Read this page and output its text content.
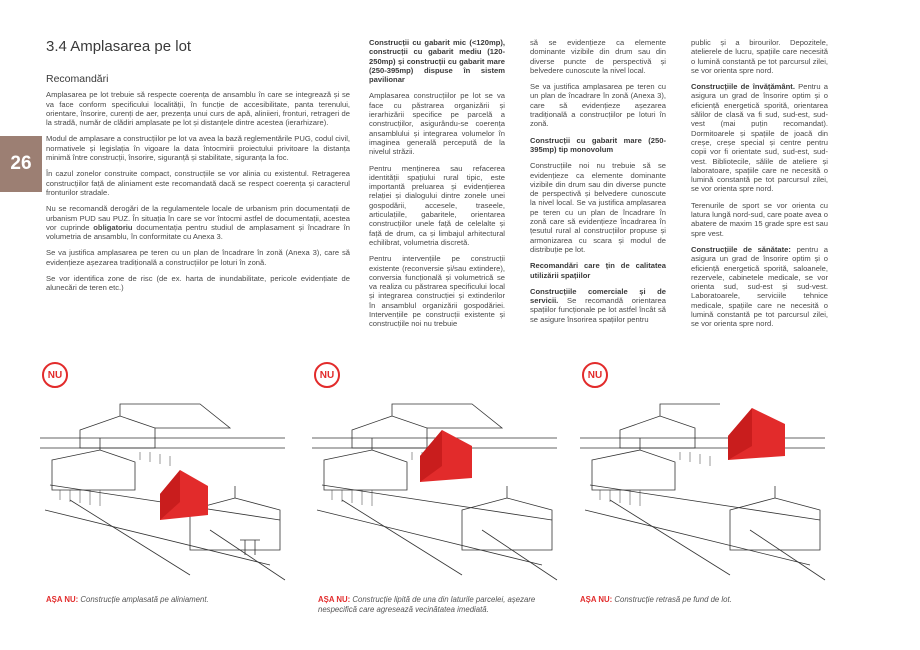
26
3.4 Amplasarea pe lot
Recomandări

Amplasarea pe lot trebuie să respecte coerența de ansamblu în care se integrează și se va face conform specificului localității, în funcție de accesibilitate, panta terenului, orientare, însorire, curenți de aer, prezența unui curs de apă, aliniieri, fronturi, retrageri de la stradă, număr de clădiri amplasate pe lot și distanțele dintre acestea (ierarhizare).

Modul de amplasare a construcțiilor pe lot va avea la bază reglementările PUG, codul civil, normativele și legislația în vigoare la data întocmirii proiectului privitoare la distanța minimă între construcții, însorire, siguranță și stabilitate, siguranța la foc.

În cazul zonelor construite compact, construcțiile se vor alinia cu existentul. Retragerea construcțiilor față de aliniament este recomandată dacă se respect coerența și caracterul fronturilor stradale.

Nu se recomandă derogări de la regulamentele locale de urbanism prin documentații de urbanism PUD sau PUZ. În situația în care se vor întocmi astfel de documentații, acestea vor cuprinde obligatoriu documentația pentru studiul de amplasament și încadrare în volumetria de ansamblu, în conformitate cu Anexa 3.

Se va justifica amplasarea pe teren cu un plan de încadrare în zonă (Anexa 3), care să evidențieze așezarea tradițională a construcțiilor pe loturi în zonă.

Se vor identifica zone de risc (de ex. harta de inundabilitate, pericole evidențiate de alunecări de teren etc.)

Construcții cu gabarit mic (<120mp), construcții cu gabarit mediu (120-250mp) și construcții cu gabarit mare (250-395mp) dispuse în sistem pavilionar

Amplasarea construcțiilor pe lot se va face cu păstrarea organizării și ierarhizării specifice pe parcelă a construcțiilor, asigurându-se coerența ansamblului și integrarea volumelor în imaginea generală percepută de la nivelul străzii.

Pentru menținerea sau refacerea identității spațiului rural tipic, este importantă preluarea și evidențierea relației și dialogului dintre zonele unei gospodării, accesele, traseele, articulațiile, gabaritele, orientarea construcțiilor unele față de celelalte și față de drum, ca și limbajul arhitectural echilibrat, volumetria discretă.

Pentru intervențiile pe construcții existente (reconversie și/sau extindere), conversia funcțională și volumetrică se va realiza cu păstrarea specificului local și integrarea construcției și extinderilor în ansamblul organizării gospodăriei. Intervențiile pe construcții existente și construcțiile noi nu trebuie

să se evidențieze ca elemente dominante vizibile din drum sau din diverse puncte de perspectivă și belvedere cunoscute la nivel local.

Se va justifica amplasarea pe teren cu un plan de încadrare în zonă (Anexa 3), care să evidențieze așezarea tradițională a construcțiilor pe loturi în zonă.

Construcții cu gabarit mare (250-395mp) tip monovolum

Construcțiile noi nu trebuie să se evidențieze ca elemente dominante vizibile din drum sau din diverse puncte de perspectivă și belvedere cunoscute la nivel local. Se va justifica amplasarea pe teren cu un plan de încadrare în zonă care să evidențieze încadrarea în țesutul rural al construcțiilor propuse și armonizarea cu scara și modul de distribuție pe lot.

Recomandări care țin de calitatea utilizării spațiilor

Construcțiile comerciale și de servicii. Se recomandă orientarea spațiilor funcționale pe lot astfel încât să se asigure însorirea spațiilor pentru

public și a birourilor. Depozitele, atelierele de lucru, spațiile care necesită o lumină constantă pe tot parcursul zilei, se vor orienta spre nord.

Construcțiile de învățământ. Pentru a asigura un grad de însorire optim și o eficiență energetică sporită, orientarea sălilor de clasă va fi sud, sud-est, sud-vest (mai puțin recomandat). Dormitoarele și spațiile de joacă din creșe, creșe special și centre pentru copii vor fi orientate sud, sud-est, sud-vest. Bibliotecile, sălile de ateliere și laboratoare, spațiile care ne necesită o lumină constantă pe tot parcursul zilei, se vor orienta spre nord.

Terenurile de sport se vor orienta cu latura lungă nord-sud, care poate avea o abatere de maxim 15 grade spre est sau spre vest.

Construcțiile de sănătate: pentru a asigura un grad de însorire optim și o eficiență energetică sporită, saloanele, rezervele, cabinetele medicale, se vor orienta sud, sud-est și sud-vest. Laboratoarele, serviciile tehnice medicale, spațiile care ne necesită o lumină constantă pe tot parcursul zilei, se vor orienta spre nord.

NU	NU	NU
AȘA NU: Construcție amplasată pe aliniament.	AȘA NU: Construcție lipită de una din laturile parcelei, așezare nespecifică care agresează vecinătatea imediată.
AȘA NU: Construcție retrasă pe fund de lot.
